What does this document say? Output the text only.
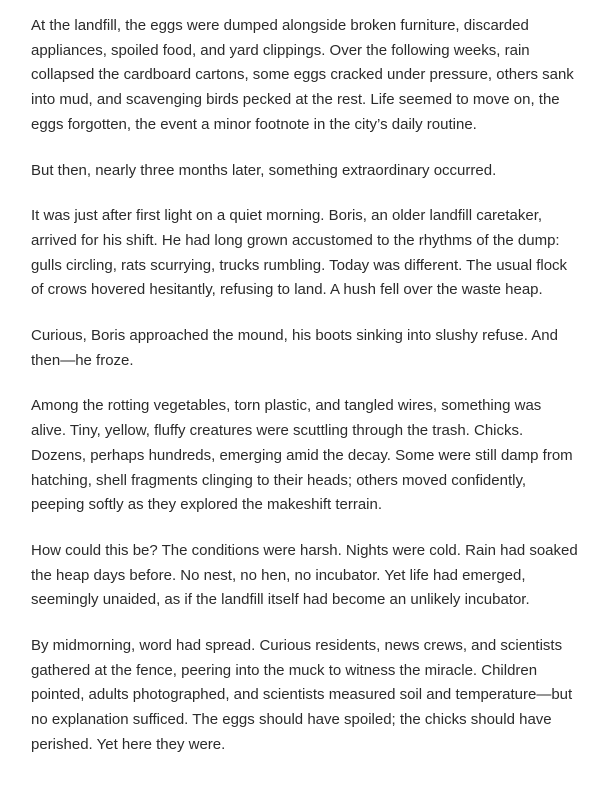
At the landfill, the eggs were dumped alongside broken furniture, discarded appliances, spoiled food, and yard clippings. Over the following weeks, rain collapsed the cardboard cartons, some eggs cracked under pressure, others sank into mud, and scavenging birds pecked at the rest. Life seemed to move on, the eggs forgotten, the event a minor footnote in the city’s daily routine.

But then, nearly three months later, something extraordinary occurred.

It was just after first light on a quiet morning. Boris, an older landfill caretaker, arrived for his shift. He had long grown accustomed to the rhythms of the dump: gulls circling, rats scurrying, trucks rumbling. Today was different. The usual flock of crows hovered hesitantly, refusing to land. A hush fell over the waste heap.

Curious, Boris approached the mound, his boots sinking into slushy refuse. And then—he froze.

Among the rotting vegetables, torn plastic, and tangled wires, something was alive. Tiny, yellow, fluffy creatures were scuttling through the trash. Chicks. Dozens, perhaps hundreds, emerging amid the decay. Some were still damp from hatching, shell fragments clinging to their heads; others moved confidently, peeping softly as they explored the makeshift terrain.

How could this be? The conditions were harsh. Nights were cold. Rain had soaked the heap days before. No nest, no hen, no incubator. Yet life had emerged, seemingly unaided, as if the landfill itself had become an unlikely incubator.

By midmorning, word had spread. Curious residents, news crews, and scientists gathered at the fence, peering into the muck to witness the miracle. Children pointed, adults photographed, and scientists measured soil and temperature—but no explanation sufficed. The eggs should have spoiled; the chicks should have perished. Yet here they were.
